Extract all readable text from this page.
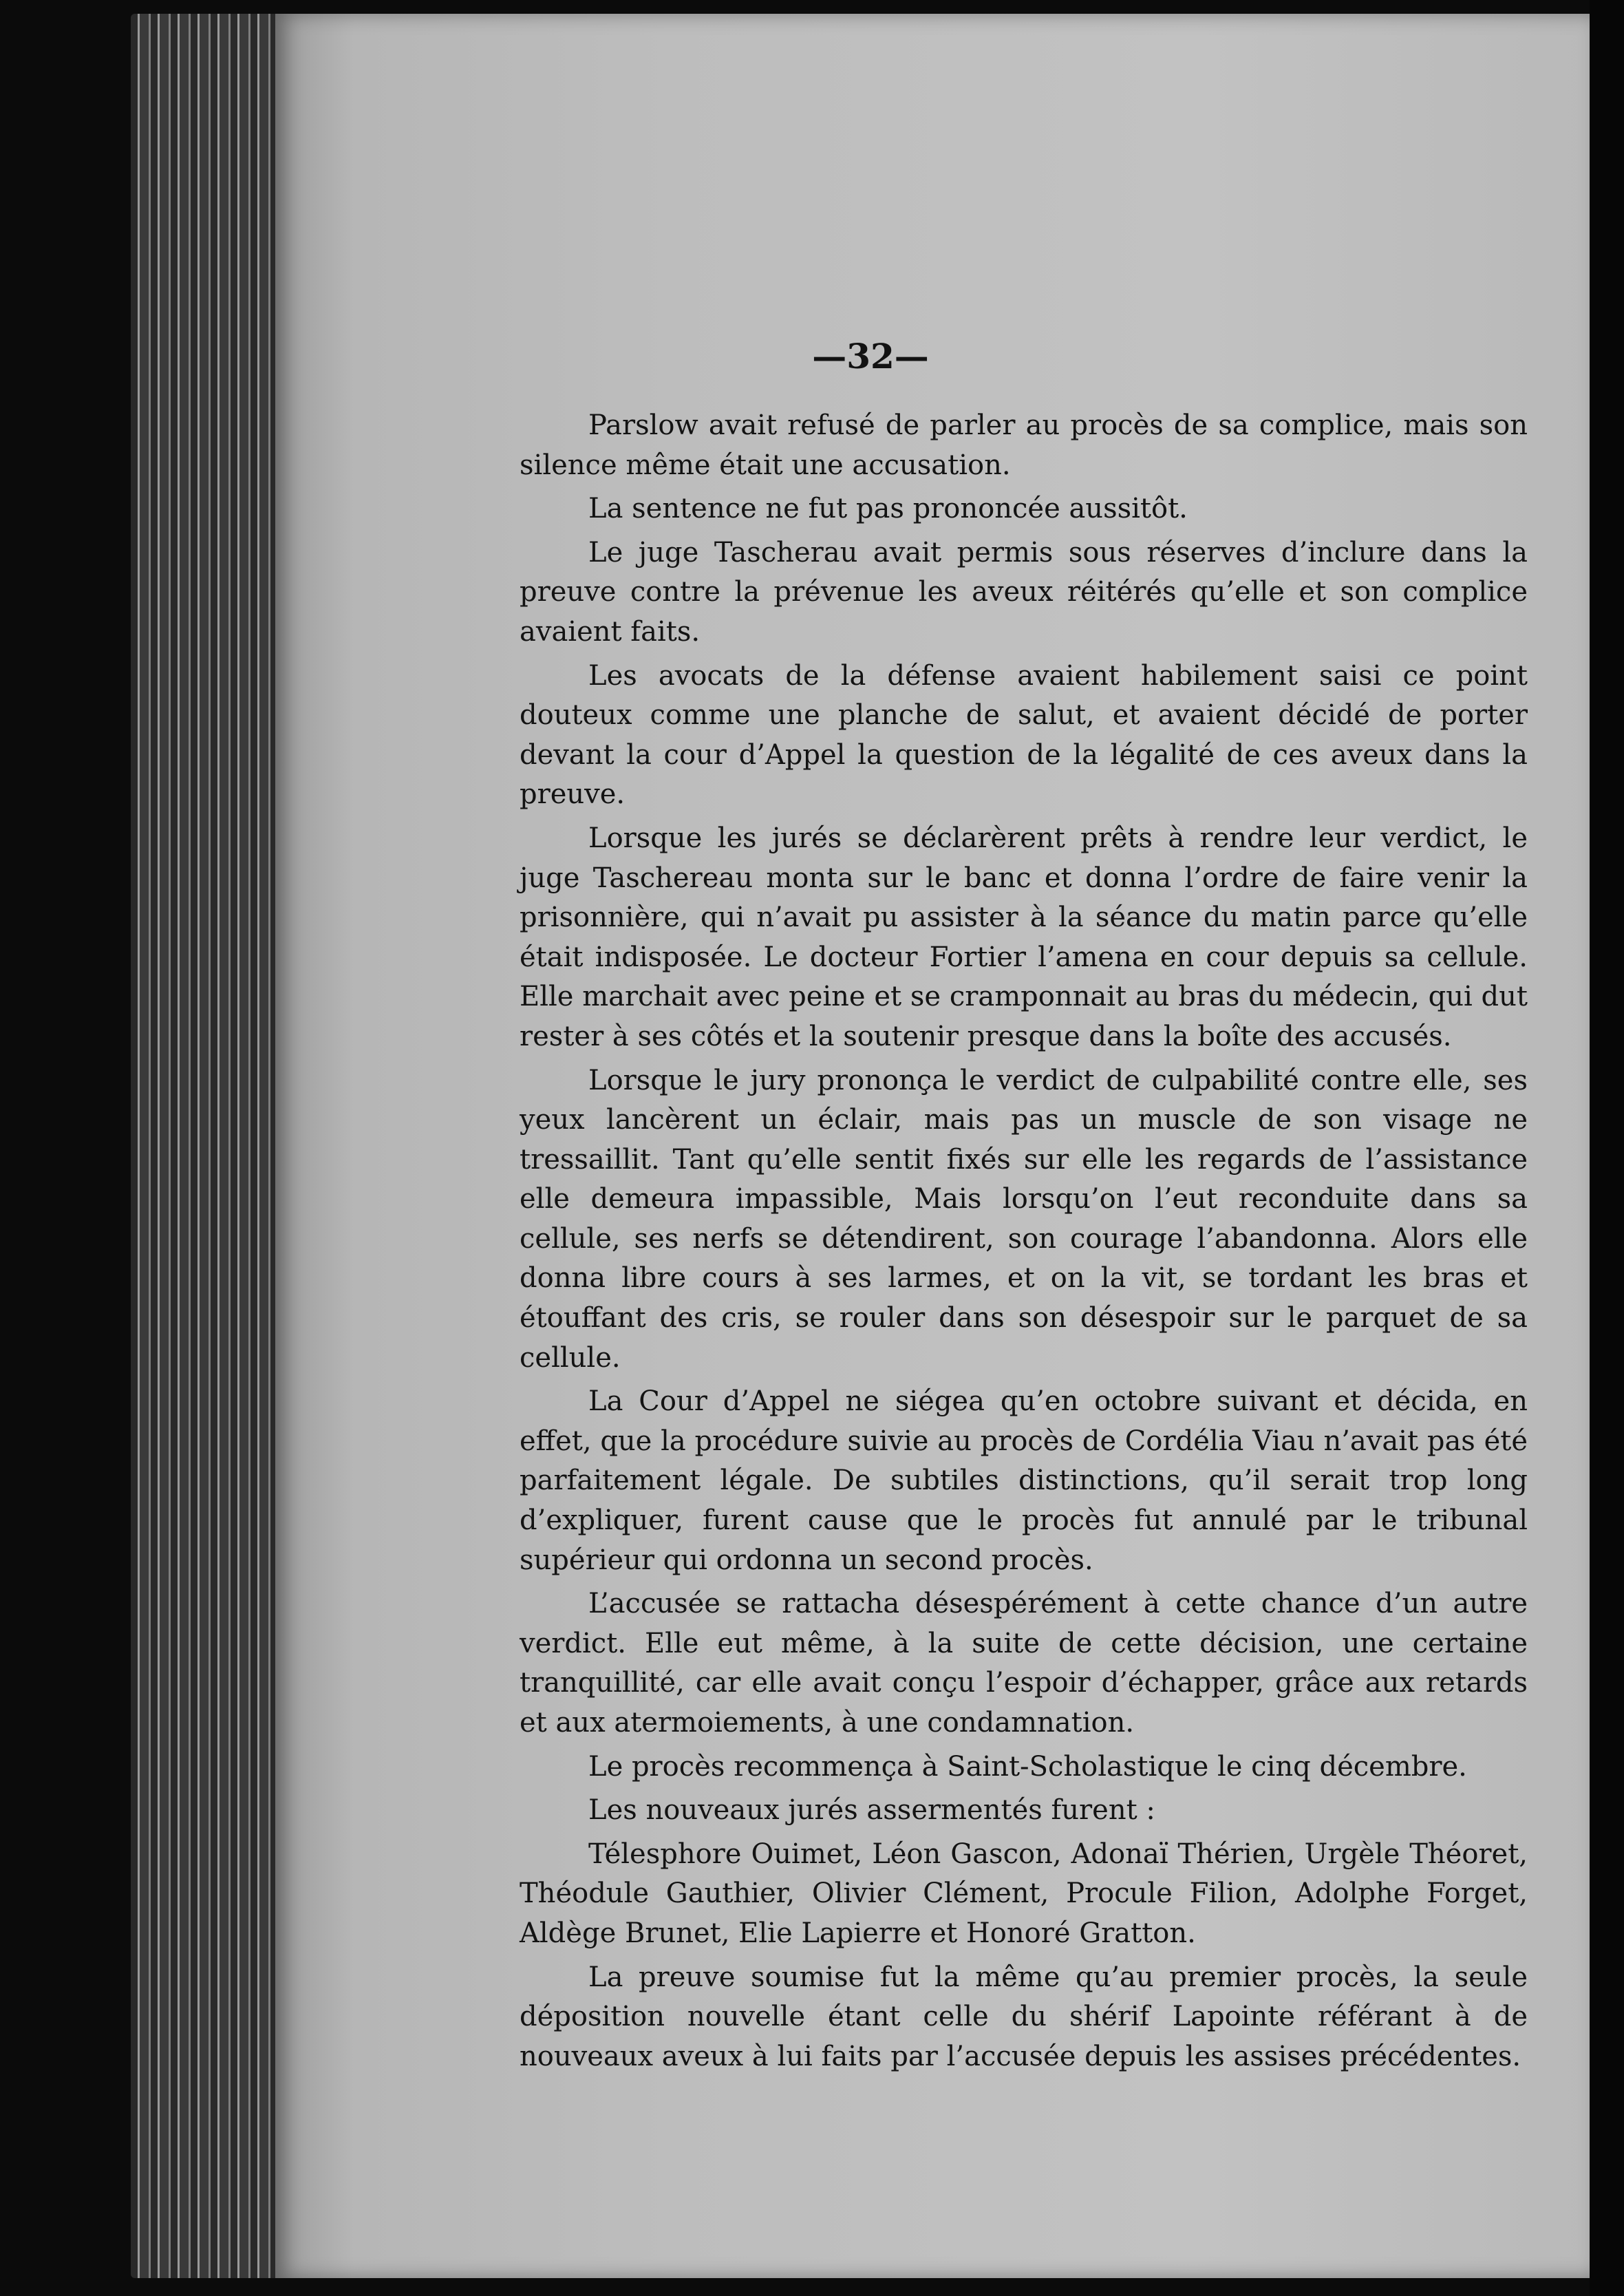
—32—

Parslow avait refusé de parler au procès de sa complice, mais son silence même était une accusation.

La sentence ne fut pas prononcée aussitôt.

Le juge Tascherau avait permis sous réserves d’inclure dans la preuve contre la prévenue les aveux réitérés qu’elle et son complice avaient faits.

Les avocats de la défense avaient habilement saisi ce point douteux comme une planche de salut, et avaient décidé de porter devant la cour d’Appel la question de la légalité de ces aveux dans la preuve.

Lorsque les jurés se déclarèrent prêts à rendre leur verdict, le juge Taschereau monta sur le banc et donna l’ordre de faire venir la prisonnière, qui n’avait pu assister à la séance du matin parce qu’elle était indisposée. Le docteur Fortier l’amena en cour depuis sa cellule. Elle marchait avec peine et se cramponnait au bras du médecin, qui dut rester à ses côtés et la soutenir presque dans la boîte des accusés.

Lorsque le jury prononça le verdict de culpabilité contre elle, ses yeux lancèrent un éclair, mais pas un muscle de son visage ne tressaillit. Tant qu’elle sentit fixés sur elle les regards de l’assistance elle demeura impassible, Mais lorsqu’on l’eut reconduite dans sa cellule, ses nerfs se détendirent, son courage l’abandonna. Alors elle donna libre cours à ses larmes, et on la vit, se tordant les bras et étouffant des cris, se rouler dans son désespoir sur le parquet de sa cellule.

La Cour d’Appel ne siégea qu’en octobre suivant et décida, en effet, que la procédure suivie au procès de Cordélia Viau n’avait pas été parfaitement légale. De subtiles distinctions, qu’il serait trop long d’expliquer, furent cause que le procès fut annulé par le tribunal supérieur qui ordonna un second procès.

L’accusée se rattacha désespérément à cette chance d’un autre verdict. Elle eut même, à la suite de cette décision, une certaine tranquillité, car elle avait conçu l’espoir d’échapper, grâce aux retards et aux atermoiements, à une condamnation.

Le procès recommença à Saint-Scholastique le cinq décembre.

Les nouveaux jurés assermentés furent :

Télesphore Ouimet, Léon Gascon, Adonaï Thérien, Urgèle Théoret, Théodule Gauthier, Olivier Clément, Procule Filion, Adolphe Forget, Aldège Brunet, Elie Lapierre et Honoré Gratton.

La preuve soumise fut la même qu’au premier procès, la seule déposition nouvelle étant celle du shérif Lapointe référant à de nouveaux aveux à lui faits par l’accusée depuis les assises précédentes.
